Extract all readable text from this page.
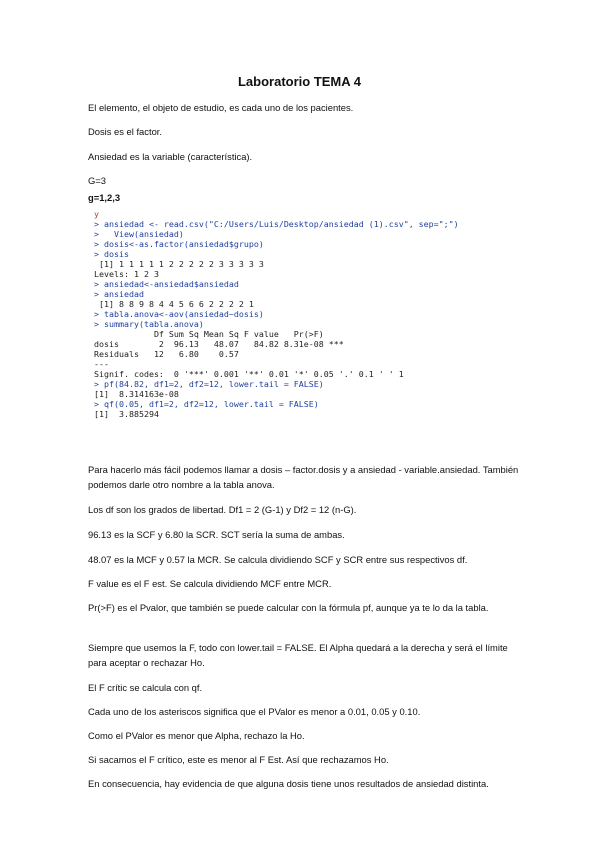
Laboratorio TEMA 4
El elemento, el objeto de estudio, es cada uno de los pacientes.
Dosis es el factor.
Ansiedad es la variable (característica).
G=3
g=1,2,3
y
> ansiedad <- read.csv("C:/Users/Luis/Desktop/ansiedad (1).csv", sep=";")
>   View(ansiedad)
> dosis<-as.factor(ansiedad$grupo)
> dosis
[1] 1 1 1 1 1 2 2 2 2 2 3 3 3 3 3
Levels: 1 2 3
> ansiedad<-ansiedad$ansiedad
> ansiedad
[1] 8 8 9 8 4 4 5 6 6 2 2 2 2 1
> tabla.anova<-aov(ansiedad~dosis)
> summary(tabla.anova)
Df Sum Sq Mean Sq F value   Pr(>F)
dosis        2  96.13   48.07   84.82 8.31e-08 ***
Residuals   12   6.80    0.57
---
Signif. codes:  0 '***' 0.001 '**' 0.01 '*' 0.05 '.' 0.1 ' ' 1
> pf(84.82, df1=2, df2=12, lower.tail = FALSE)
[1]  8.314163e-08
> qf(0.05, df1=2, df2=12, lower.tail = FALSE)
[1]  3.885294
Para hacerlo más fácil podemos llamar a dosis – factor.dosis y a ansiedad - variable.ansiedad. También podemos darle otro nombre a la tabla anova.
Los df son los grados de libertad. Df1 = 2 (G-1) y Df2 = 12 (n-G).
96.13 es la SCF y 6.80 la SCR. SCT sería la suma de ambas.
48.07 es la MCF y 0.57 la MCR. Se calcula dividiendo SCF y SCR entre sus respectivos df.
F value es el F est. Se calcula dividiendo MCF entre MCR.
Pr(>F) es el Pvalor, que también se puede calcular con la fórmula pf, aunque ya te lo da la tabla.
Siempre que usemos la F, todo con lower.tail = FALSE. El Alpha quedará a la derecha y será el límite para aceptar o rechazar Ho.
El F crític se calcula con qf.
Cada uno de los asteriscos significa que el PValor es menor a 0.01, 0.05 y 0.10.
Como el PValor es menor que Alpha, rechazo la Ho.
Si sacamos el F crítico, este es menor al F Est. Así que rechazamos Ho.
En consecuencia, hay evidencia de que alguna dosis tiene unos resultados de ansiedad distinta.
